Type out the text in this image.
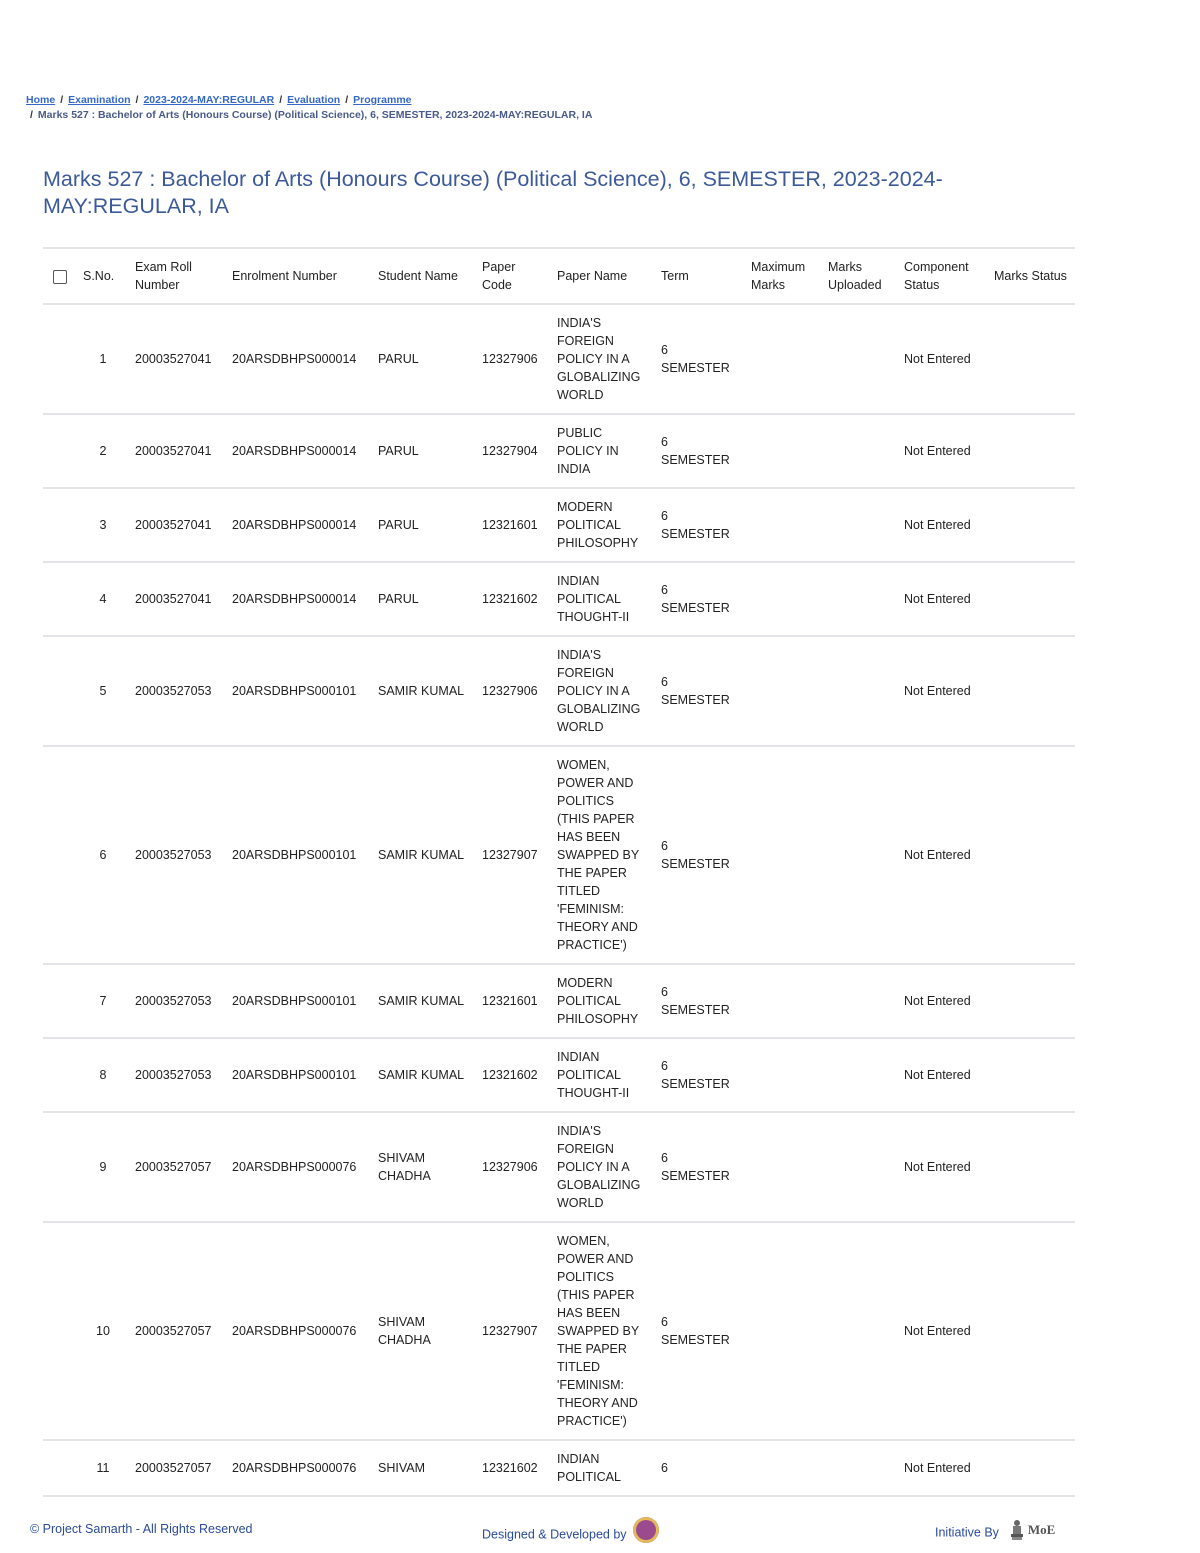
Home / Examination / 2023-2024-MAY:REGULAR / Evaluation / Programme
/ Marks 527 : Bachelor of Arts (Honours Course) (Political Science), 6, SEMESTER, 2023-2024-MAY:REGULAR, IA
Marks 527 : Bachelor of Arts (Honours Course) (Political Science), 6, SEMESTER, 2023-2024-MAY:REGULAR, IA
	S.No.	Exam Roll Number	Enrolment Number	Student Name	Paper Code	Paper Name	Term	Maximum Marks	Marks Uploaded	Component Status	Marks Status
	1	20003527041	20ARSDBHPS000014	PARUL	12327906	INDIA'S FOREIGN POLICY IN A GLOBALIZING WORLD	6 SEMESTER			Not Entered	
	2	20003527041	20ARSDBHPS000014	PARUL	12327904	PUBLIC POLICY IN INDIA	6 SEMESTER			Not Entered	
	3	20003527041	20ARSDBHPS000014	PARUL	12321601	MODERN POLITICAL PHILOSOPHY	6 SEMESTER			Not Entered	
	4	20003527041	20ARSDBHPS000014	PARUL	12321602	INDIAN POLITICAL THOUGHT-II	6 SEMESTER			Not Entered	
	5	20003527053	20ARSDBHPS000101	SAMIR KUMAL	12327906	INDIA'S FOREIGN POLICY IN A GLOBALIZING WORLD	6 SEMESTER			Not Entered	
	6	20003527053	20ARSDBHPS000101	SAMIR KUMAL	12327907	WOMEN, POWER AND POLITICS (THIS PAPER HAS BEEN SWAPPED BY THE PAPER TITLED 'FEMINISM: THEORY AND PRACTICE')	6 SEMESTER			Not Entered	
	7	20003527053	20ARSDBHPS000101	SAMIR KUMAL	12321601	MODERN POLITICAL PHILOSOPHY	6 SEMESTER			Not Entered	
	8	20003527053	20ARSDBHPS000101	SAMIR KUMAL	12321602	INDIAN POLITICAL THOUGHT-II	6 SEMESTER			Not Entered	
	9	20003527057	20ARSDBHPS000076	SHIVAM CHADHA	12327906	INDIA'S FOREIGN POLICY IN A GLOBALIZING WORLD	6 SEMESTER			Not Entered	
	10	20003527057	20ARSDBHPS000076	SHIVAM CHADHA	12327907	WOMEN, POWER AND POLITICS (THIS PAPER HAS BEEN SWAPPED BY THE PAPER TITLED 'FEMINISM: THEORY AND PRACTICE')	6 SEMESTER			Not Entered	
	11	20003527057	20ARSDBHPS000076	SHIVAM	12321602	INDIAN POLITICAL	6			Not Entered	
© Project Samarth - All Rights Reserved	Designed & Developed by	Initiative By MoE
